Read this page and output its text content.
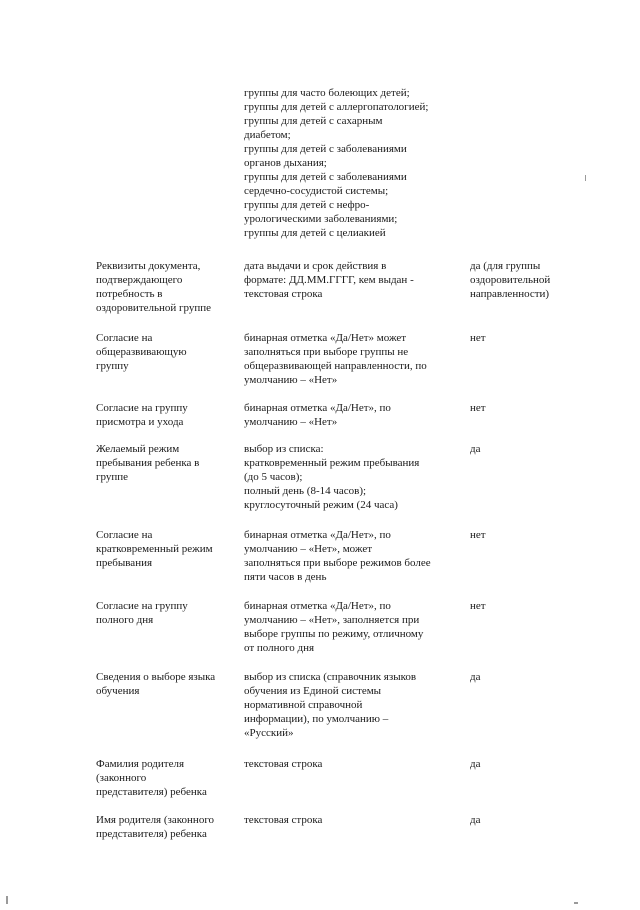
группы для часто болеющих детей;
группы для детей с аллергопатологией;
группы для детей с сахарным
диабетом;
группы для детей с заболеваниями
органов дыхания;
группы для детей с заболеваниями
сердечно-сосудистой системы;
группы для детей с нефро-
урологическими заболеваниями;
группы для детей с целиакией
Реквизиты документа,
подтверждающего
потребность в
оздоровительной группе
дата выдачи и срок действия в
формате: ДД.ММ.ГГГГ, кем выдан -
текстовая строка
да (для группы
оздоровительной
направленности)
Согласие на
общеразвивающую
группу
бинарная отметка «Да/Нет» может
заполняться при выборе группы не
общеразвивающей направленности, по
умолчанию – «Нет»
нет
Согласие на группу
присмотра и ухода
бинарная отметка «Да/Нет», по
умолчанию – «Нет»
нет
Желаемый режим
пребывания ребенка в
группе
выбор из списка:
кратковременный режим пребывания
(до 5 часов);
полный день (8-14 часов);
круглосуточный режим (24 часа)
да
Согласие на
кратковременный режим
пребывания
бинарная отметка «Да/Нет», по
умолчанию – «Нет», может
заполняться при выборе режимов более
пяти часов в день
нет
Согласие на группу
полного дня
бинарная отметка «Да/Нет», по
умолчанию – «Нет», заполняется при
выборе группы по режиму, отличному
от полного дня
нет
Сведения о выборе языка
обучения
выбор из списка (справочник языков
обучения из Единой системы
нормативной справочной
информации), по умолчанию –
«Русский»
да
Фамилия родителя
(законного
представителя) ребенка
текстовая строка	да
Имя родителя (законного
представителя) ребенка
текстовая строка	да
